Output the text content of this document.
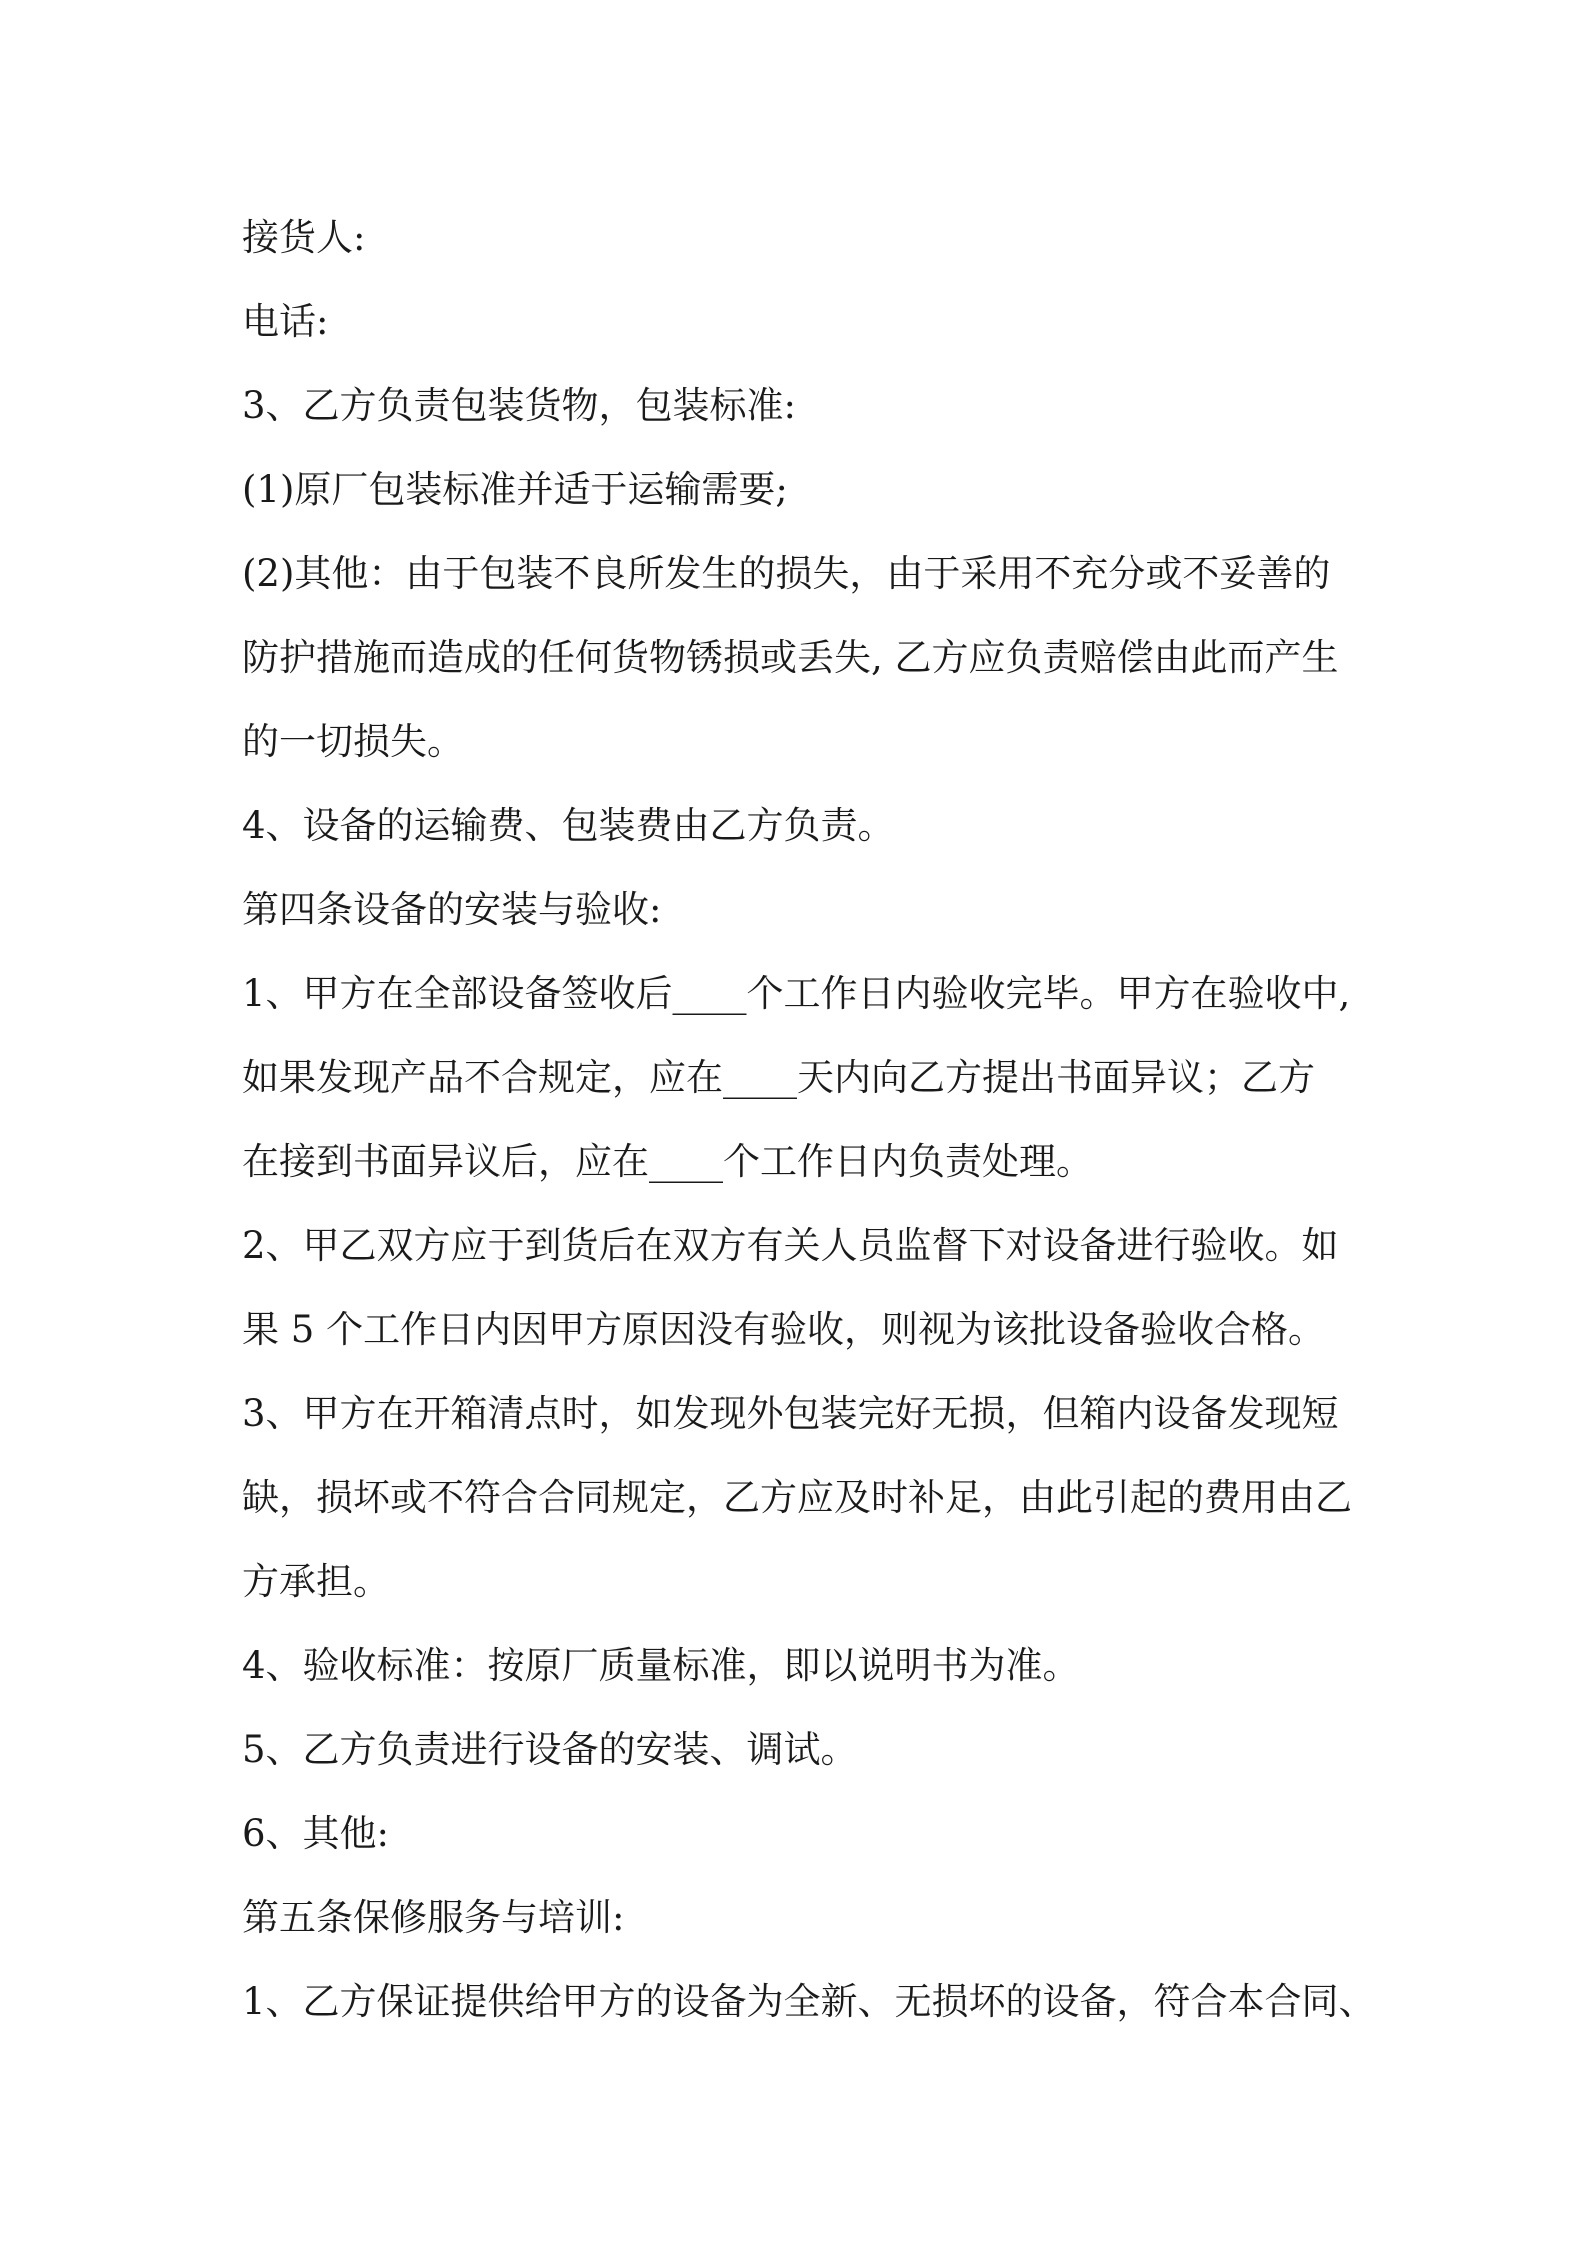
接货人:
电话:
3、乙方负责包装货物，包装标准:
(1)原厂包装标准并适于运输需要;
(2)其他：由于包装不良所发生的损失，由于采用不充分或不妥善的
防护措施而造成的任何货物锈损或丢失, 乙方应负责赔偿由此而产生
的一切损失。
4、设备的运输费、包装费由乙方负责。
第四条设备的安装与验收:
1、甲方在全部设备签收后____个工作日内验收完毕。甲方在验收中,
如果发现产品不合规定，应在____天内向乙方提出书面异议；乙方
在接到书面异议后，应在____个工作日内负责处理。
2、甲乙双方应于到货后在双方有关人员监督下对设备进行验收。如
果 5 个工作日内因甲方原因没有验收，则视为该批设备验收合格。
3、甲方在开箱清点时，如发现外包装完好无损，但箱内设备发现短
缺，损坏或不符合合同规定，乙方应及时补足，由此引起的费用由乙
方承担。
4、验收标准：按原厂质量标准，即以说明书为准。
5、乙方负责进行设备的安装、调试。
6、其他:
第五条保修服务与培训:
1、乙方保证提供给甲方的设备为全新、无损坏的设备，符合本合同、
